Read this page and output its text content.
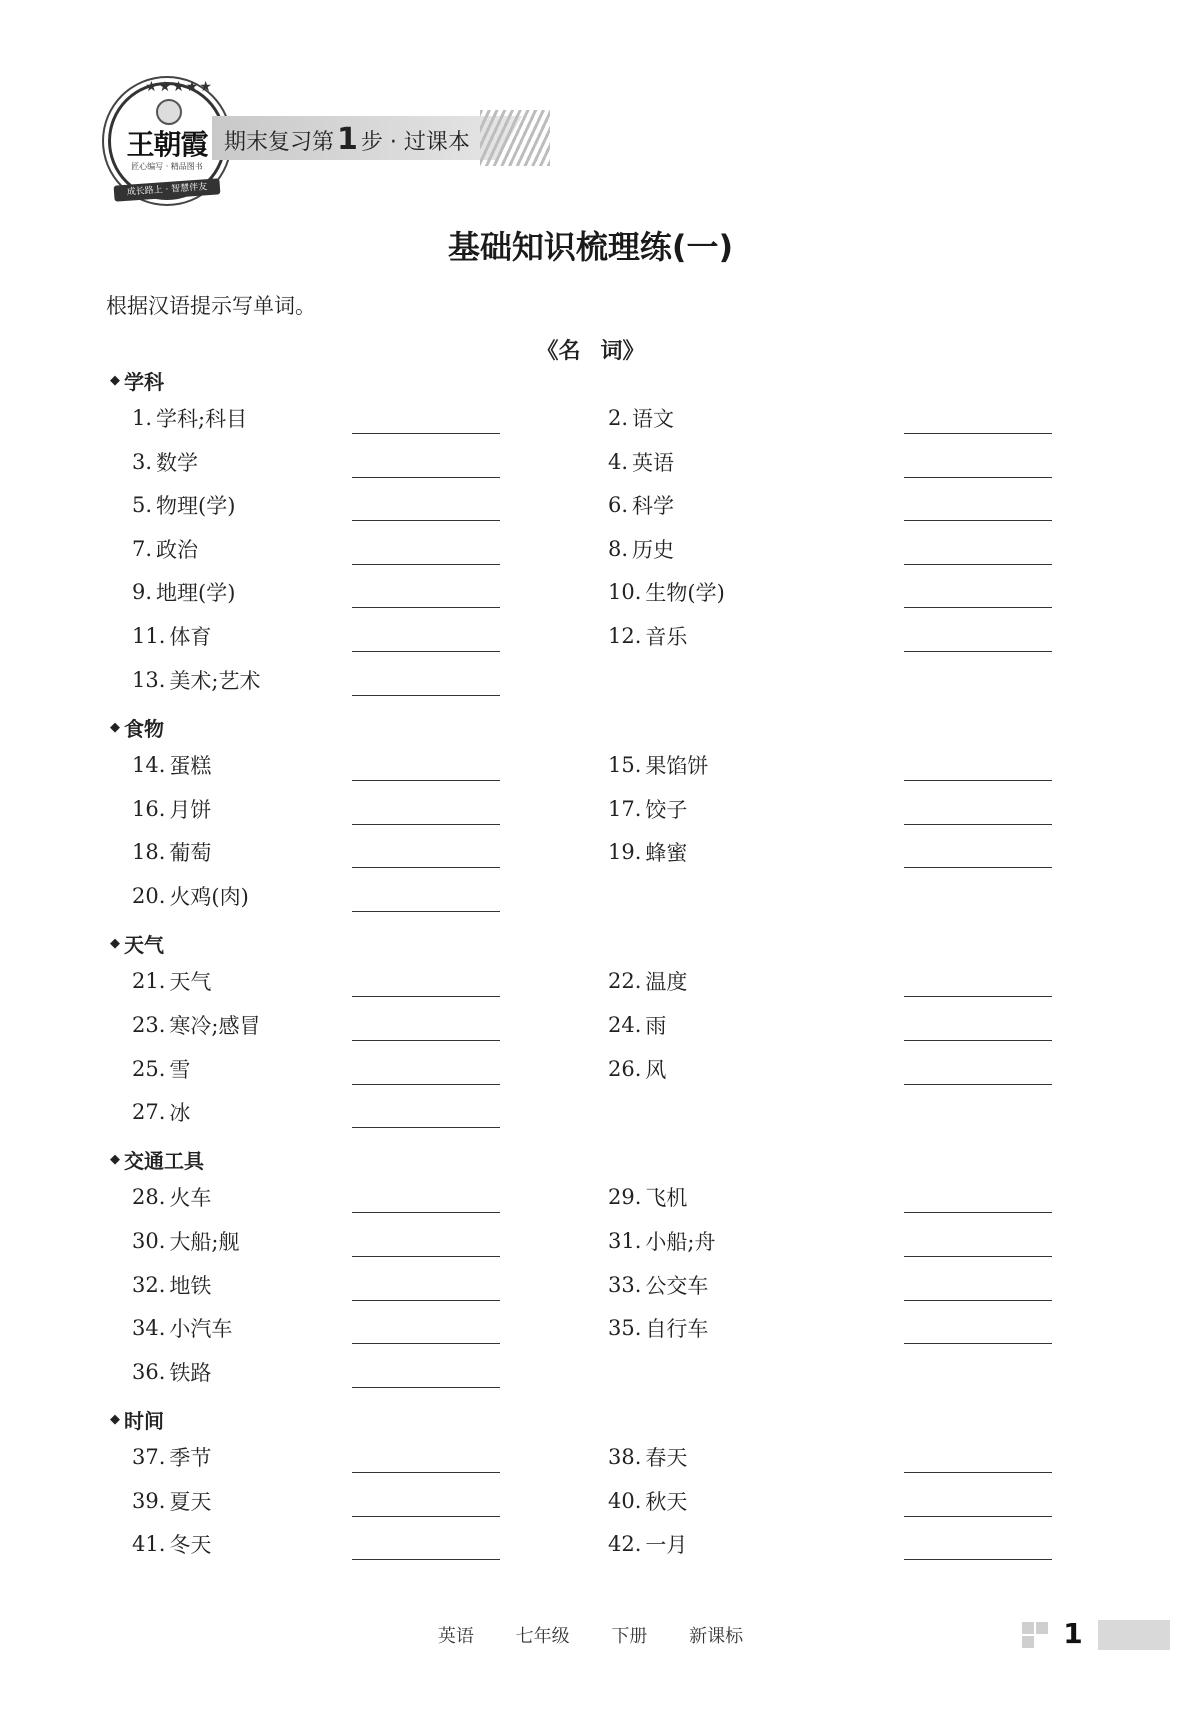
★★★★★
王朝霞
匠心编写 · 精品图书
成长路上 · 智慧伴友
期末复习第 1 步 · 过课本
基础知识梳理练(一)
根据汉语提示写单词。
《名 词》
◆ 学科
◆ 食物
◆ 天气
◆ 交通工具
◆ 时间
1. 学科;科目	2. 语文
3. 数学	4. 英语
5. 物理(学)	6. 科学
7. 政治	8. 历史
9. 地理(学)	10. 生物(学)
11. 体育	12. 音乐
13. 美术;艺术
14. 蛋糕	15. 果馅饼
16. 月饼	17. 饺子
18. 葡萄	19. 蜂蜜
20. 火鸡(肉)
21. 天气	22. 温度
23. 寒冷;感冒	24. 雨
25. 雪	26. 风
27. 冰
28. 火车	29. 飞机
30. 大船;舰	31. 小船;舟
32. 地铁	33. 公交车
34. 小汽车	35. 自行车
36. 铁路
37. 季节	38. 春天
39. 夏天	40. 秋天
41. 冬天	42. 一月
英语 七年级 下册 新课标	1
